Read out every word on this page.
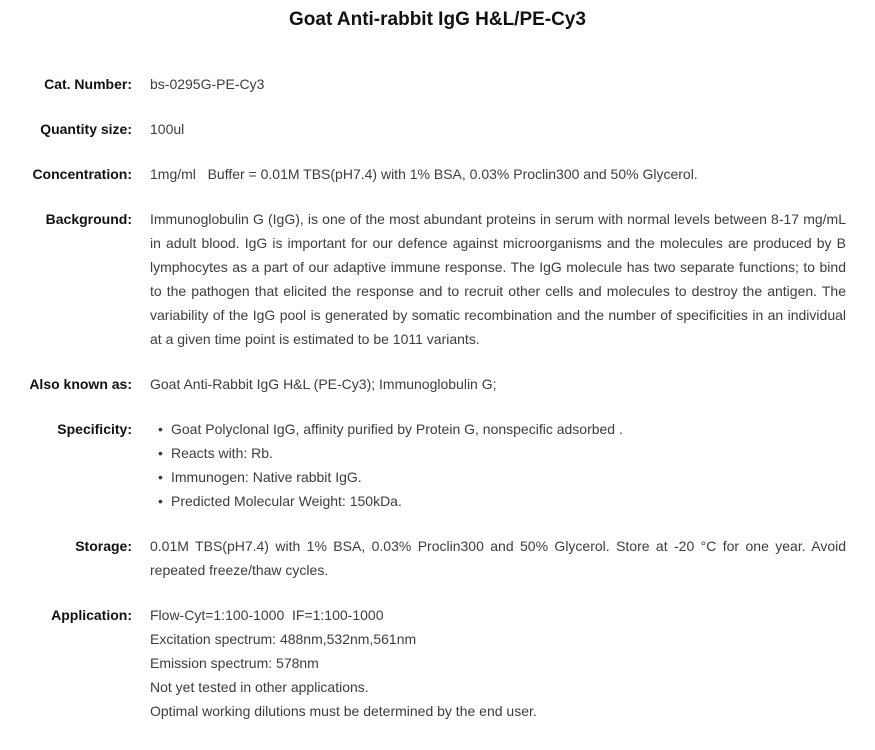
Goat Anti-rabbit IgG H&L/PE-Cy3
Cat. Number: bs-0295G-PE-Cy3

Quantity size: 100ul

Concentration: 1mg/ml   Buffer = 0.01M TBS(pH7.4) with 1% BSA, 0.03% Proclin300 and 50% Glycerol.

Background: Immunoglobulin G (IgG), is one of the most abundant proteins in serum with normal levels between 8-17 mg/mL in adult blood. IgG is important for our defence against microorganisms and the molecules are produced by B lymphocytes as a part of our adaptive immune response. The IgG molecule has two separate functions; to bind to the pathogen that elicited the response and to recruit other cells and molecules to destroy the antigen. The variability of the IgG pool is generated by somatic recombination and the number of specificities in an individual at a given time point is estimated to be 1011 variants.

Also known as: Goat Anti-Rabbit IgG H&L (PE-Cy3); Immunoglobulin G;

Specificity: • Goat Polyclonal IgG, affinity purified by Protein G, nonspecific adsorbed .
• Reacts with: Rb.
• Immunogen: Native rabbit IgG.
• Predicted Molecular Weight: 150kDa.
Storage: 0.01M TBS(pH7.4) with 1% BSA, 0.03% Proclin300 and 50% Glycerol. Store at -20 °C for one year. Avoid repeated freeze/thaw cycles.

Application: Flow-Cyt=1:100-1000  IF=1:100-1000

Excitation spectrum: 488nm,532nm,561nm

Emission spectrum: 578nm

Not yet tested in other applications.

Optimal working dilutions must be determined by the end user.
